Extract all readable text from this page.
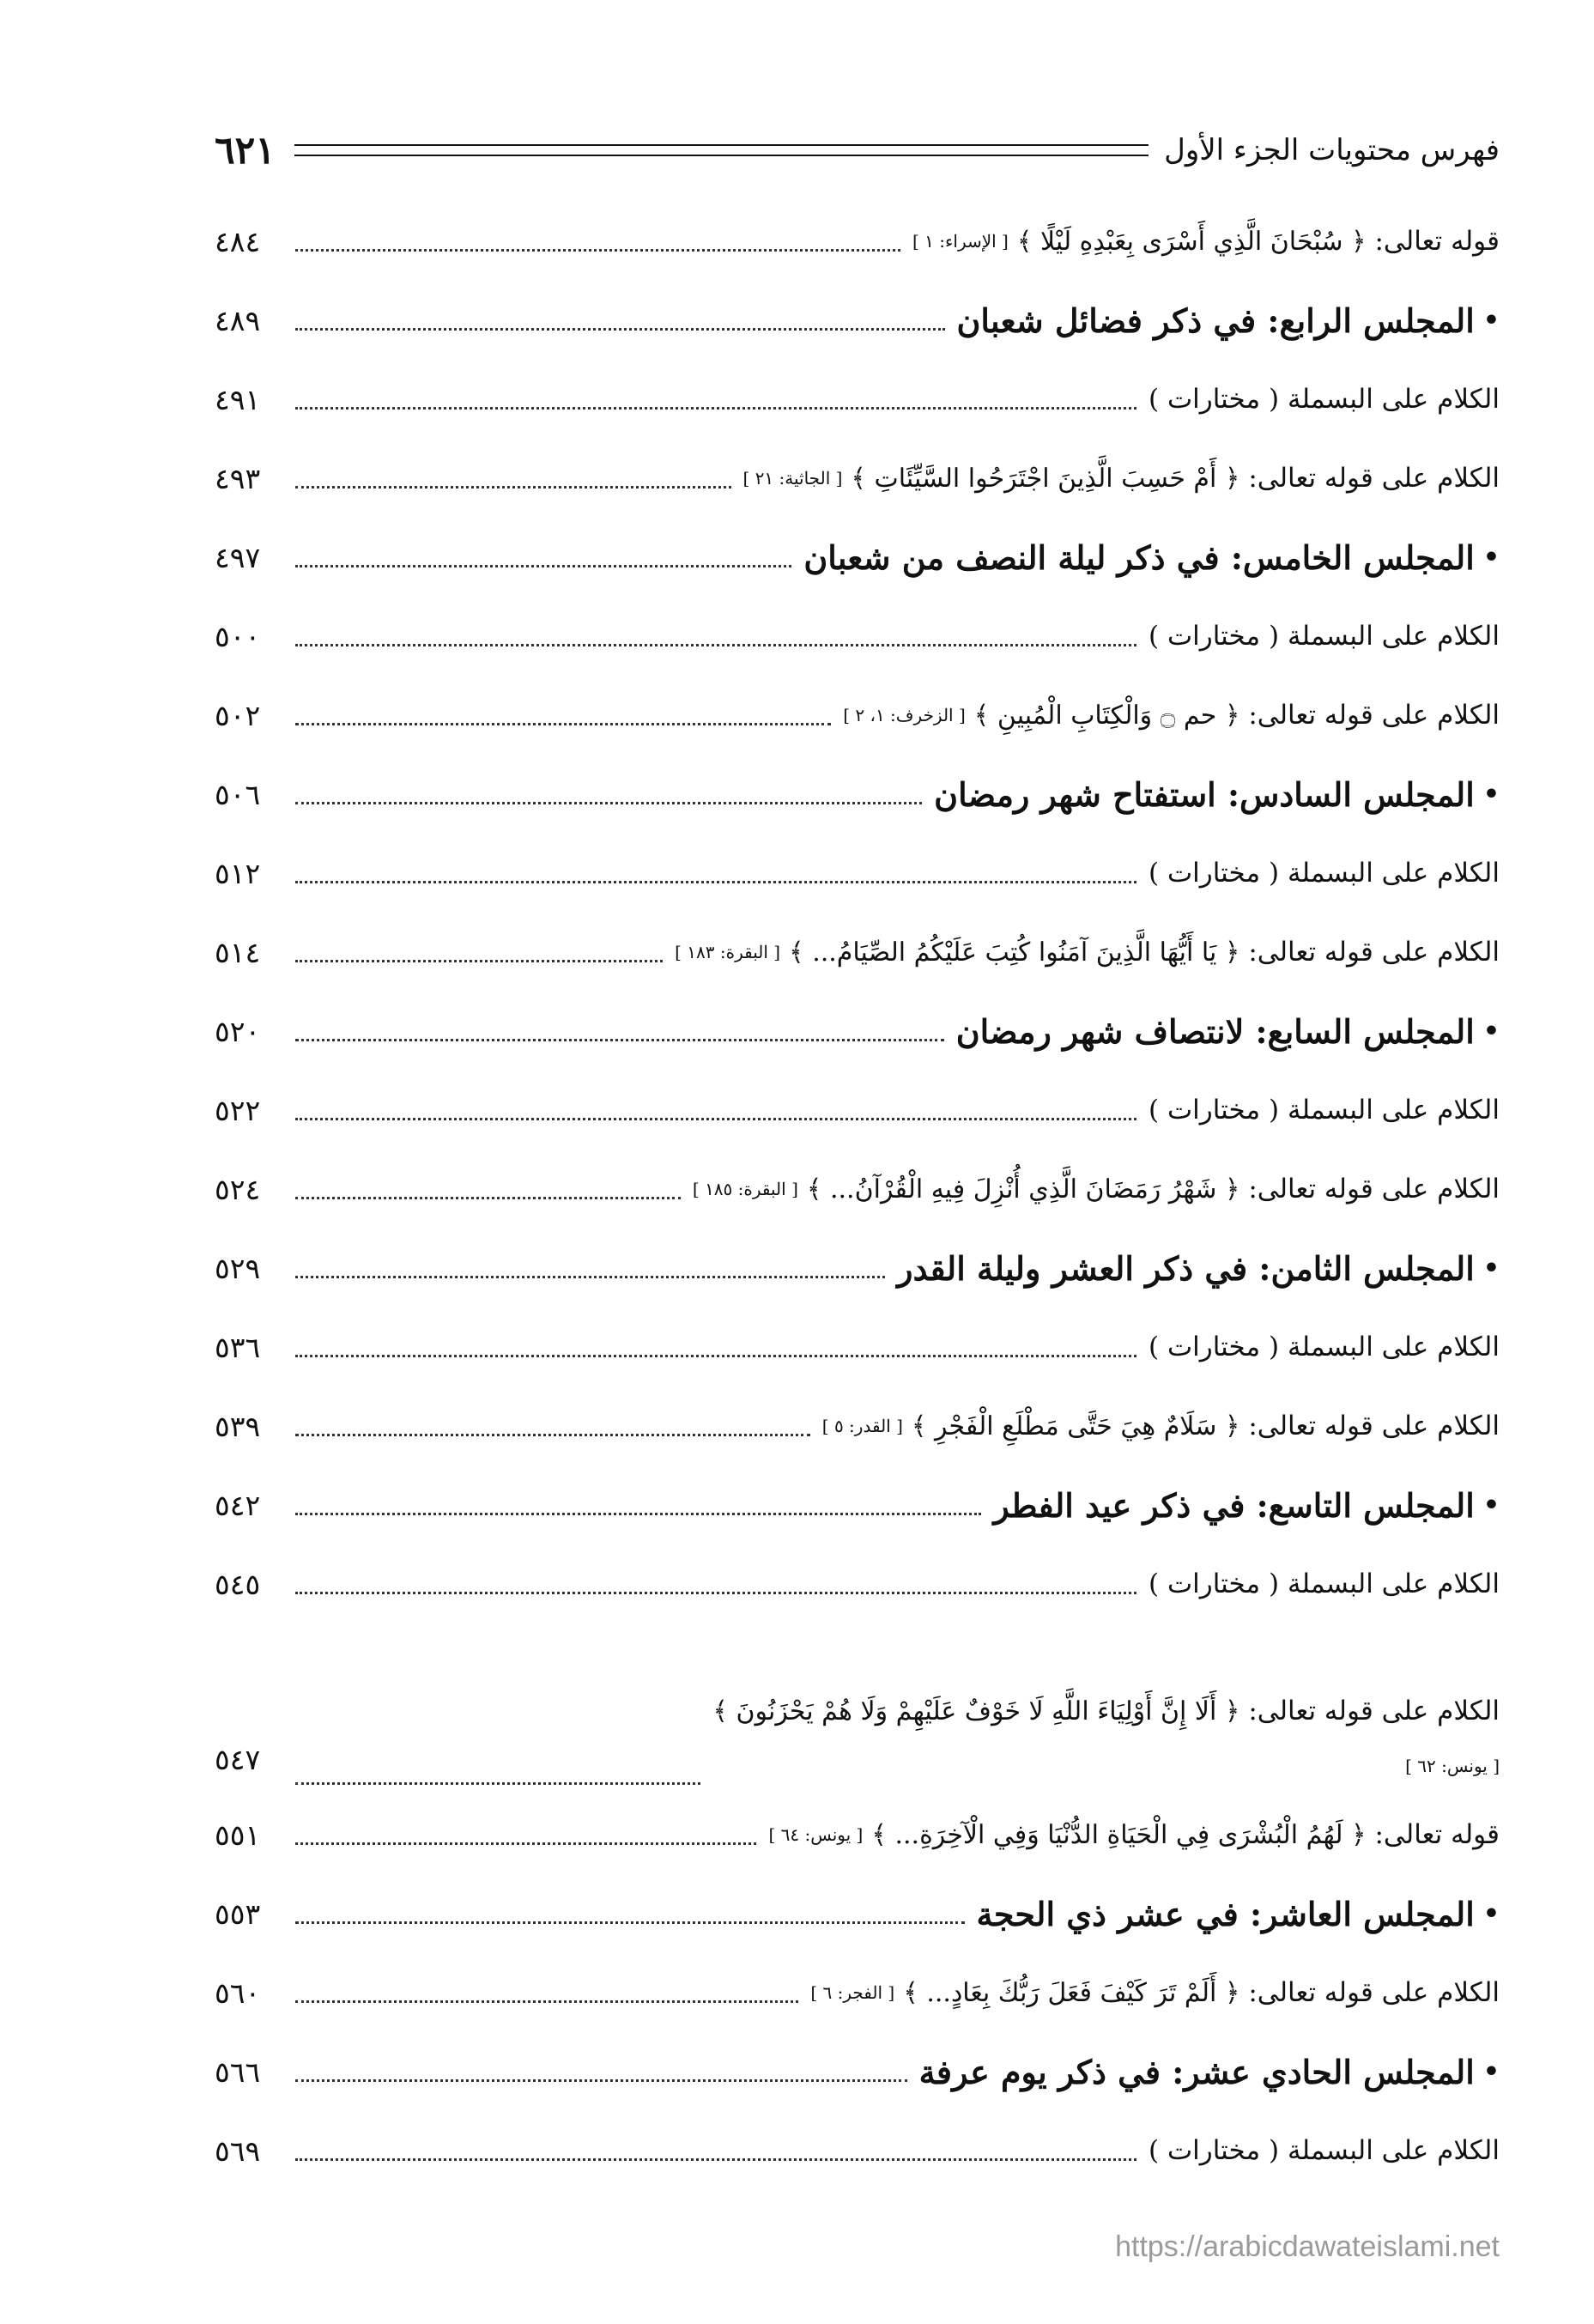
فهرس محتويات الجزء الأول
٦٢١
قوله تعالى:

﴿ سُبْحَانَ الَّذِي أَسْرَى بِعَبْدِهِ لَيْلًا ﴾
[ الإسراء: ١ ]
٤٨٤
•
المجلس الرابع: في ذكر فضائل شعبان
٤٨٩
الكلام على البسملة ( مختارات )
٤٩١
الكلام على قوله تعالى:

﴿ أَمْ حَسِبَ الَّذِينَ اجْتَرَحُوا السَّيِّئَاتِ ﴾
[ الجاثية: ٢١ ]
٤٩٣
•
المجلس الخامس: في ذكر ليلة النصف من شعبان
٤٩٧
الكلام على البسملة ( مختارات )
٥٠٠
الكلام على قوله تعالى:

﴿ حم ۝ وَالْكِتَابِ الْمُبِينِ ﴾
[ الزخرف: ١، ٢ ]
٥٠٢
•
المجلس السادس: استفتاح شهر رمضان
٥٠٦
الكلام على البسملة ( مختارات )
٥١٢
الكلام على قوله تعالى:

﴿ يَا أَيُّهَا الَّذِينَ آمَنُوا كُتِبَ عَلَيْكُمُ الصِّيَامُ... ﴾
[ البقرة: ١٨٣ ]
٥١٤
•
المجلس السابع: لانتصاف شهر رمضان
٥٢٠
الكلام على البسملة ( مختارات )
٥٢٢
الكلام على قوله تعالى:

﴿ شَهْرُ رَمَضَانَ الَّذِي أُنْزِلَ فِيهِ الْقُرْآنُ... ﴾
[ البقرة: ١٨٥ ]
٥٢٤
•
المجلس الثامن: في ذكر العشر وليلة القدر
٥٢٩
الكلام على البسملة ( مختارات )
٥٣٦
الكلام على قوله تعالى:

﴿ سَلَامٌ هِيَ حَتَّى مَطْلَعِ الْفَجْرِ ﴾
[ القدر: ٥ ]
٥٣٩
•
المجلس التاسع: في ذكر عيد الفطر
٥٤٢
الكلام على البسملة ( مختارات )
٥٤٥
الكلام على قوله تعالى: ﴿ أَلَا إِنَّ أَوْلِيَاءَ اللَّهِ لَا خَوْفٌ عَلَيْهِمْ وَلَا هُمْ يَحْزَنُونَ ﴾
[ يونس: ٦٢ ]
٥٤٧
قوله تعالى:

﴿ لَهُمُ الْبُشْرَى فِي الْحَيَاةِ الدُّنْيَا وَفِي الْآخِرَةِ... ﴾
[ يونس: ٦٤ ]
٥٥١
•
المجلس العاشر: في عشر ذي الحجة
٥٥٣
الكلام على قوله تعالى:

﴿ أَلَمْ تَرَ كَيْفَ فَعَلَ رَبُّكَ بِعَادٍ... ﴾
[ الفجر: ٦ ]
٥٦٠
•
المجلس الحادي عشر: في ذكر يوم عرفة
٥٦٦
الكلام على البسملة ( مختارات )
٥٦٩
https://arabicdawateislami.net
